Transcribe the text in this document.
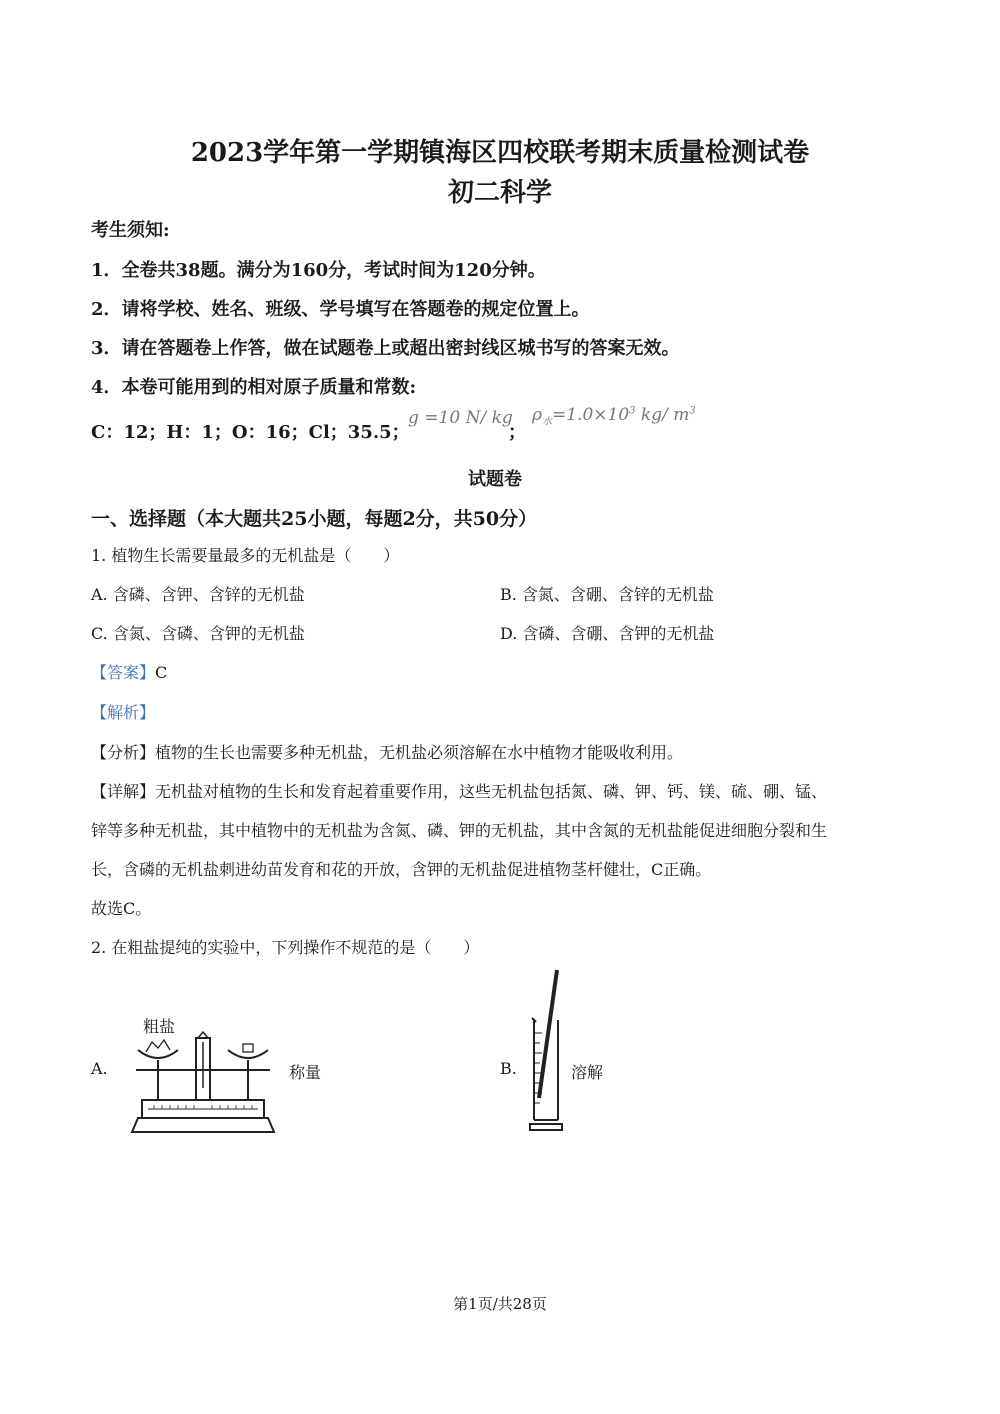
2023学年第一学期镇海区四校联考期末质量检测试卷
初二科学
考生须知:
1．全卷共38题。满分为160分，考试时间为120分钟。
2．请将学校、姓名、班级、学号填写在答题卷的规定位置上。
3．请在答题卷上作答，做在试题卷上或超出密封线区城书写的答案无效。
4．本卷可能用到的相对原子质量和常数:
C：12；H：1；O：16；Cl；35.5；
g =10 N/ kg
；
$\rho_水=1.0\times 10^3$ kg/ $m^3$
试题卷
一、选择题（本大题共25小题，每题2分，共50分）
1. 植物生长需要量最多的无机盐是（　　）
A. 含磷、含钾、含锌的无机盐	B. 含氮、含硼、含锌的无机盐
C. 含氮、含磷、含钾的无机盐	D. 含磷、含硼、含钾的无机盐
【答案】C
【解析】
【分析】植物的生长也需要多种无机盐，无机盐必须溶解在水中植物才能吸收利用。
【详解】无机盐对植物的生长和发育起着重要作用，这些无机盐包括氮、磷、钾、钙、镁、硫、硼、锰、
锌等多种无机盐，其中植物中的无机盐为含氮、磷、钾的无机盐，其中含氮的无机盐能促进细胞分裂和生
长，含磷的无机盐刺进幼苗发育和花的开放，含钾的无机盐促进植物茎杆健壮，C正确。
故选C。
2. 在粗盐提纯的实验中，下列操作不规范的是（　　）
A.
粗盐
称量	B.	溶解
第1页/共28页
